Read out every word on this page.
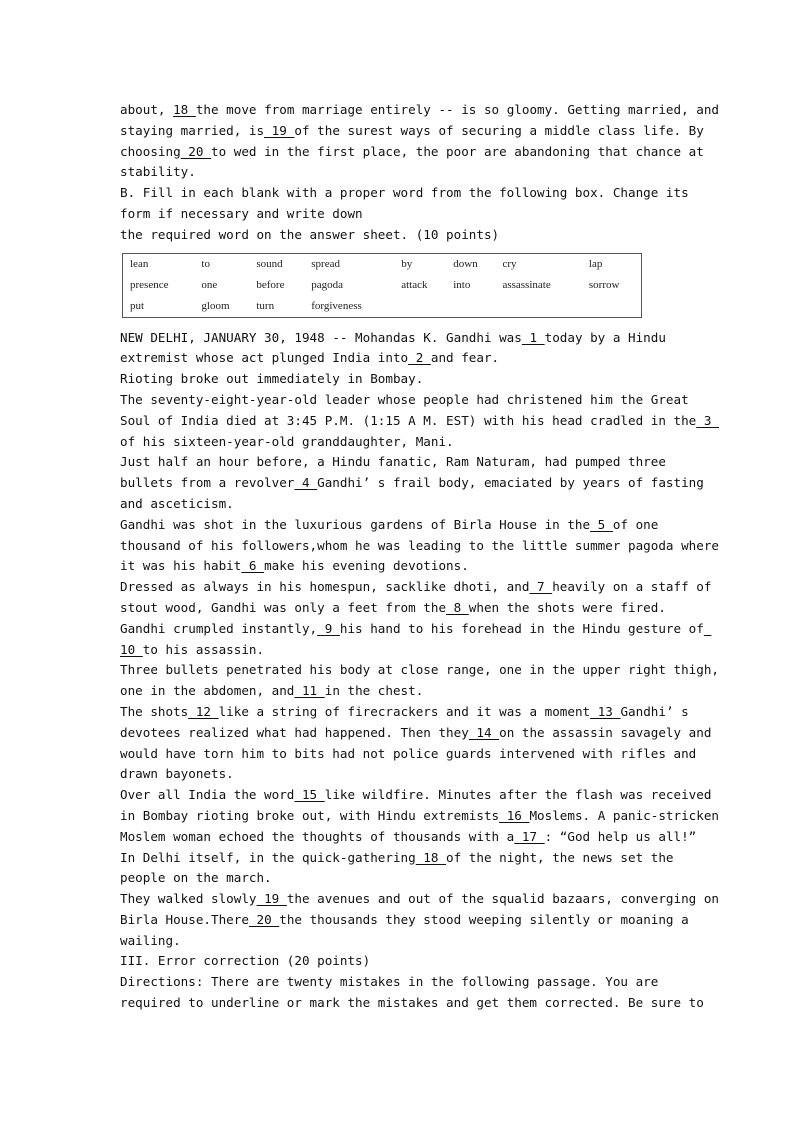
about, 18 the move from marriage entirely -- is so gloomy. Getting married, and
staying married, is 19 of the surest ways of securing a middle class life. By
choosing 20 to wed in the first place, the poor are abandoning that chance at
stability.
B. Fill in each blank with a proper word from the following box. Change its
form if necessary and write down
the required word on the answer sheet. (10 points)
lean	to	sound	spread	by	down	cry	lap
presence	one	before	pagoda	attack	into	assassinate	sorrow
put	gloom	turn	forgiveness				
NEW DELHI, JANUARY 30, 1948 -- Mohandas K. Gandhi was 1 today by a Hindu
extremist whose act plunged India into 2 and fear.
Rioting broke out immediately in Bombay.
The seventy-eight-year-old leader whose people had christened him the Great
Soul of India died at 3:45 P.M. (1:15 A M. EST) with his head cradled in the 3
of his sixteen-year-old granddaughter, Mani.
Just half an hour before, a Hindu fanatic, Ram Naturam, had pumped three
bullets from a revolver 4 Gandhi’ s frail body, emaciated by years of fasting
and asceticism.
Gandhi was shot in the luxurious gardens of Birla House in the 5 of one
thousand of his followers,whom he was leading to the little summer pagoda where
it was his habit 6 make his evening devotions.
Dressed as always in his homespun, sacklike dhoti, and 7 heavily on a staff of
stout wood, Gandhi was only a feet from the 8 when the shots were fired.
Gandhi crumpled instantly, 9 his hand to his forehead in the Hindu gesture of
10 to his assassin.
Three bullets penetrated his body at close range, one in the upper right thigh,
one in the abdomen, and 11 in the chest.
The shots 12 like a string of firecrackers and it was a moment 13 Gandhi’ s
devotees realized what had happened. Then they 14 on the assassin savagely and
would have torn him to bits had not police guards intervened with rifles and
drawn bayonets.
Over all India the word 15 like wildfire. Minutes after the flash was received
in Bombay rioting broke out, with Hindu extremists 16 Moslems. A panic-stricken
Moslem woman echoed the thoughts of thousands with a 17 : “God help us all!”
In Delhi itself, in the quick-gathering 18 of the night, the news set the
people on the march.
They walked slowly 19 the avenues and out of the squalid bazaars, converging on
Birla House.There 20 the thousands they stood weeping silently or moaning a
wailing.
III. Error correction (20 points)
Directions: There are twenty mistakes in the following passage. You are
required to underline or mark the mistakes and get them corrected. Be sure to
